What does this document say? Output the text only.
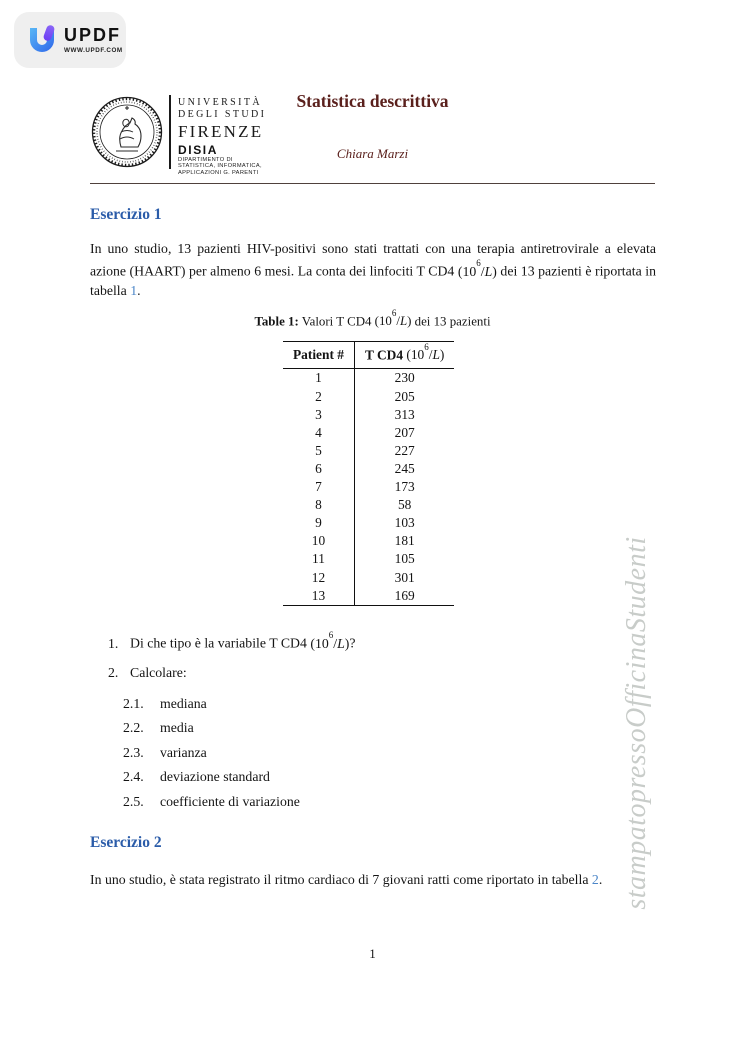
UPDF
WWW.UPDF.COM
UNIVERSITÀ
DEGLI STUDI
FIRENZE
DISIA
DIPARTIMENTO DI
STATISTICA, INFORMATICA,
APPLICAZIONI G. PARENTI
Statistica descrittiva
Chiara Marzi
Esercizio 1
In uno studio, 13 pazienti HIV-positivi sono stati trattati con una terapia antiretrovirale a elevata azione (HAART) per almeno 6 mesi. La conta dei linfociti T CD4 $(10^6/L)$ dei 13 pazienti è riportata in tabella 1.
Table 1: Valori T CD4 $(10^6/L)$ dei 13 pazienti
Patient #	T CD4 $(10^6/L)$
1	230
2	205
3	313
4	207
5	227
6	245
7	173
8	58
9	103
10	181
11	105
12	301
13	169
1. Di che tipo è la variabile T CD4 $(10^6/L)$?
2. Calcolare:
2.1. mediana
2.2. media
2.3. varianza
2.4. deviazione standard
2.5. coefficiente di variazione
Esercizio 2
In uno studio, è stata registrato il ritmo cardiaco di 7 giovani ratti come riportato in tabella 2. stampatopressoOfficinaStudenti
1
